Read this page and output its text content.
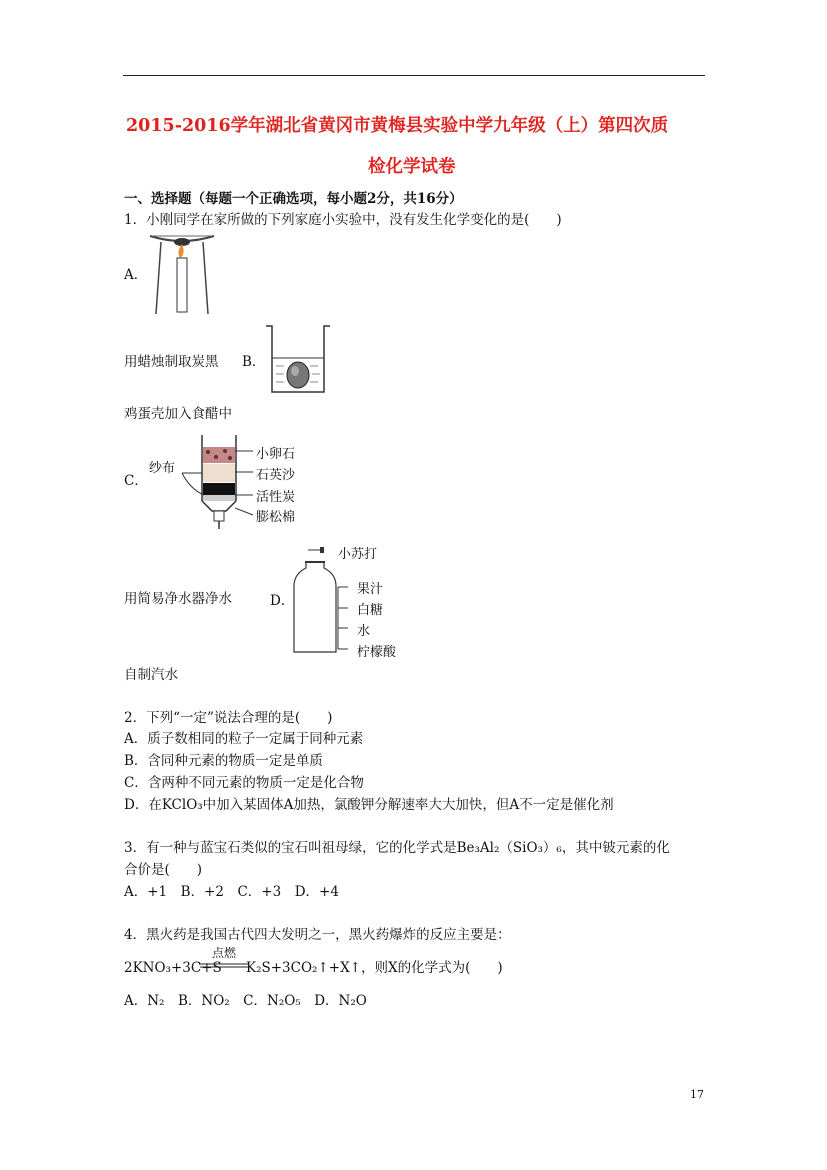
2015-2016学年湖北省黄冈市黄梅县实验中学九年级（上）第四次质
检化学试卷
一、选择题（每题一个正确选项，每小题2分，共16分）
1．小刚同学在家所做的下列家庭小实验中，没有发生化学变化的是(　　)
A．
用蜡烛制取炭黑 B．
鸡蛋壳加入食醋中
C．
纱布
小卵石
石英沙
活性炭
膨松棉
用简易净水器净水	D．
小苏打
果汁
白糖
水
柠檬酸
自制汽水
2．下列“一定”说法合理的是(　　)
A．质子数相同的粒子一定属于同种元素
B．含同种元素的物质一定是单质
C．含两种不同元素的物质一定是化合物
D．在KClO₃中加入某固体A加热，氯酸钾分解速率大大加快，但A不一定是催化剂
3．有一种与蓝宝石类似的宝石叫祖母绿，它的化学式是Be₃Al₂（SiO₃）₆，其中铍元素的化
合价是(　　)
A．+1　B．+2　C．+3　D．+4
4．黑火药是我国古代四大发明之一，黑火药爆炸的反应主要是：
2KNO₃+3C+S
点燃
K₂S+3CO₂↑+X↑，则X的化学式为(　　)
A．N₂　B．NO₂　C．N₂O₅　D．N₂O
17
